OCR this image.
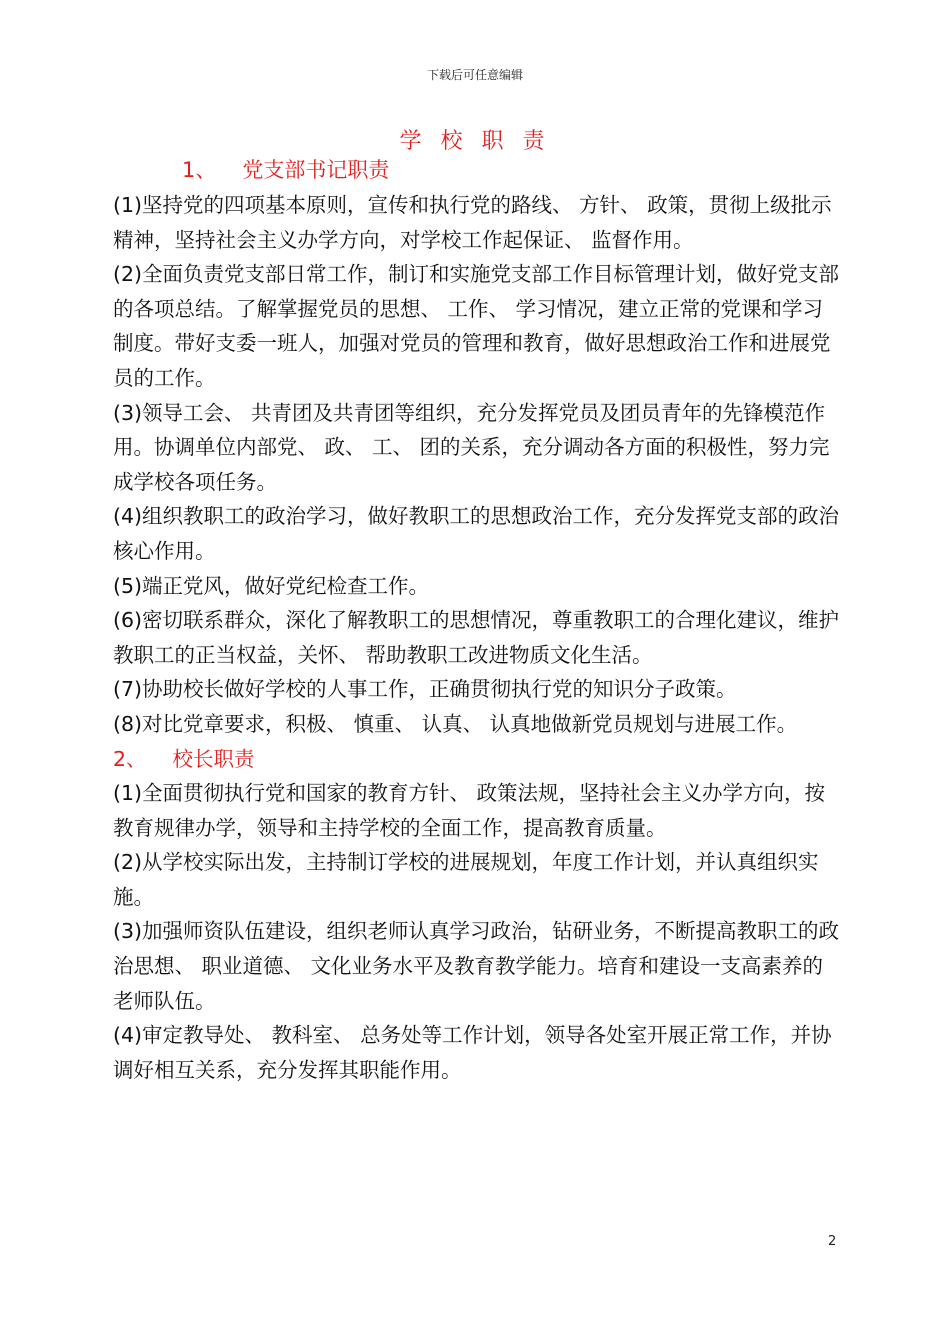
下载后可任意编辑
学 校 职 责
1、 党支部书记职责

(1)坚持党的四项基本原则，宣传和执行党的路线、 方针、 政策，贯彻上级批示精神，坚持社会主义办学方向，对学校工作起保证、 监督作用。

(2)全面负责党支部日常工作，制订和实施党支部工作目标管理计划，做好党支部的各项总结。了解掌握党员的思想、 工作、 学习情况，建立正常的党课和学习制度。带好支委一班人，加强对党员的管理和教育，做好思想政治工作和进展党员的工作。

(3)领导工会、 共青团及共青团等组织，充分发挥党员及团员青年的先锋模范作用。协调单位内部党、 政、 工、 团的关系，充分调动各方面的积极性，努力完成学校各项任务。

(4)组织教职工的政治学习，做好教职工的思想政治工作，充分发挥党支部的政治核心作用。

(5)端正党风，做好党纪检查工作。

(6)密切联系群众，深化了解教职工的思想情况，尊重教职工的合理化建议，维护教职工的正当权益，关怀、 帮助教职工改进物质文化生活。

(7)协助校长做好学校的人事工作，正确贯彻执行党的知识分子政策。

(8)对比党章要求，积极、 慎重、 认真、 认真地做新党员规划与进展工作。

2、 校长职责

(1)全面贯彻执行党和国家的教育方针、 政策法规，坚持社会主义办学方向，按教育规律办学，领导和主持学校的全面工作，提高教育质量。

(2)从学校实际出发，主持制订学校的进展规划，年度工作计划，并认真组织实施。

(3)加强师资队伍建设，组织老师认真学习政治，钻研业务，不断提高教职工的政治思想、 职业道德、 文化业务水平及教育教学能力。培育和建设一支高素养的老师队伍。

(4)审定教导处、 教科室、 总务处等工作计划，领导各处室开展正常工作，并协调好相互关系，充分发挥其职能作用。

2
